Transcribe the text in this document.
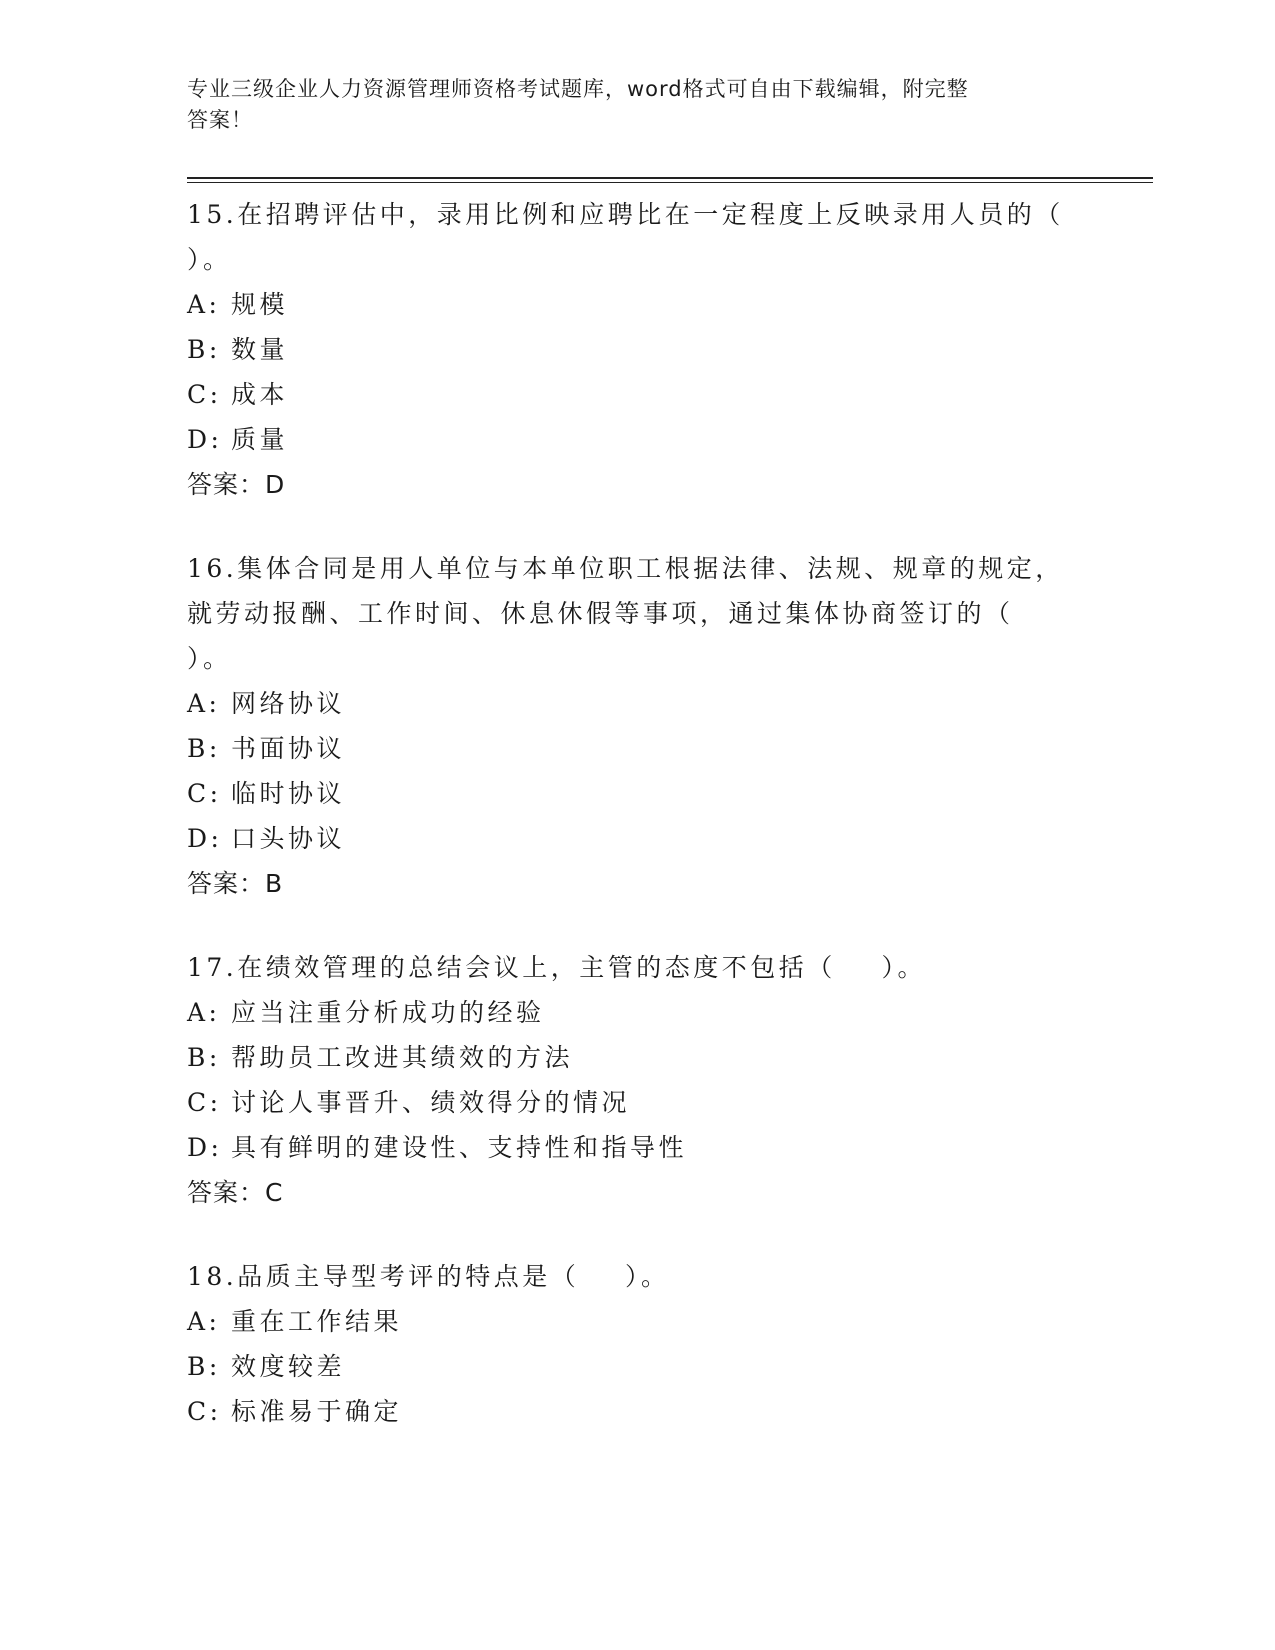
专业三级企业人力资源管理师资格考试题库，word格式可自由下载编辑，附完整
答案！

15.在招聘评估中，录用比例和应聘比在一定程度上反映录用人员的（

）。

A: 规模

B: 数量

C: 成本

D: 质量

答案：D

16.集体合同是用人单位与本单位职工根据法律、法规、规章的规定，

就劳动报酬、工作时间、休息休假等事项，通过集体协商签订的（

）。

A: 网络协议

B: 书面协议

C: 临时协议

D: 口头协议

答案：B

17.在绩效管理的总结会议上，主管的态度不包括（    ）。

A: 应当注重分析成功的经验

B: 帮助员工改进其绩效的方法

C: 讨论人事晋升、绩效得分的情况

D: 具有鲜明的建设性、支持性和指导性

答案：C

18.品质主导型考评的特点是（    ）。

A: 重在工作结果

B: 效度较差

C: 标准易于确定
